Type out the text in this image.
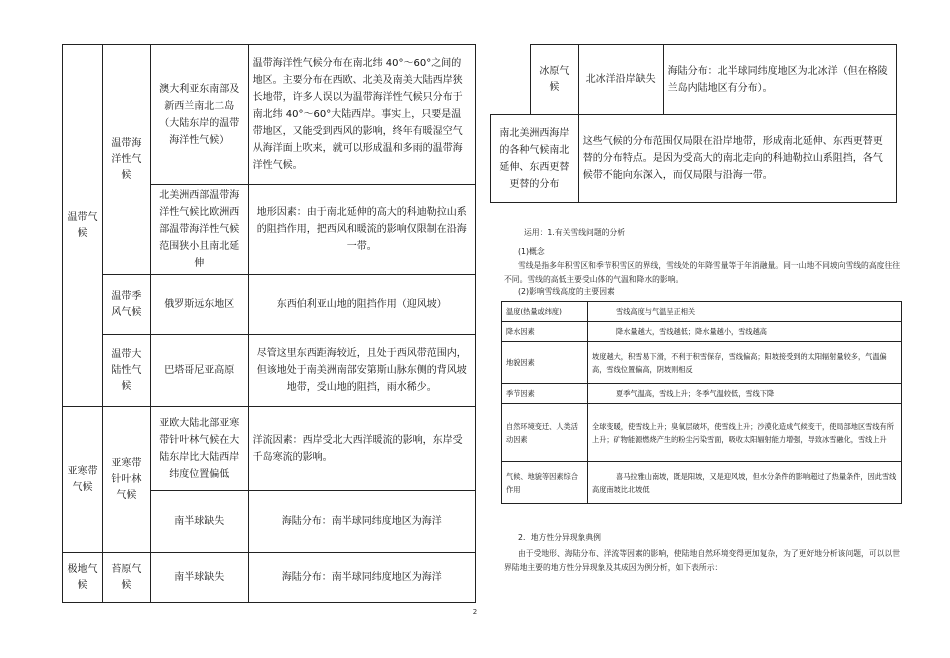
温带气候	温带海洋性气候	澳大利亚东南部及新西兰南北二岛（大陆东岸的温带海洋性气候）	温带海洋性气候分布在南北纬 40°～60°之间的地区。主要分布在西欧、北美及南美大陆西岸狭长地带，许多人误以为温带海洋性气候只分布于南北纬 40°～60°大陆西岸。事实上，只要是温带地区，又能受到西风的影响，终年有暖湿空气从海洋面上吹来，就可以形成温和多雨的温带海洋性气候。
		北美洲西部温带海洋性气候比欧洲西部温带海洋性气候范围狭小且南北延伸	地形因素：由于南北延伸的高大的科迪勒拉山系的阻挡作用，把西风和暖流的影响仅限制在沿海一带。
	温带季风气候	俄罗斯远东地区	东西伯利亚山地的阻挡作用（迎风坡）
	温带大陆性气候	巴塔哥尼亚高原	尽管这里东西距海较近，且处于西风带范围内，但该地处于南美洲南部安第斯山脉东侧的背风坡地带，受山地的阻挡，雨水稀少。
亚寒带气候	亚寒带针叶林气候	亚欧大陆北部亚寒带针叶林气候在大陆东岸比大陆西岸纬度位置偏低	洋流因素：西岸受北大西洋暖流的影响，东岸受千岛寒流的影响。
		南半球缺失	海陆分布：南半球同纬度地区为海洋
极地气候	苔原气候	南半球缺失	海陆分布：南半球同纬度地区为海洋
	冰原气候	北冰洋沿岸缺失	海陆分布：北半球同纬度地区为北冰洋（但在格陵兰岛内陆地区有分布）。
南北美洲西海岸的各种气候南北延伸、东西更替更替的分布		这些气候的分布范围仅局限在沿岸地带，形成南北延伸、东西更替更替的分布特点。是因为受高大的南北走向的科迪勒拉山系阻挡，各气候带不能向东深入，而仅局限与沿海一带。	
运用：1.有关雪线问题的分析
(1)概念
雪线是指多年积雪区和季节积雪区的界线，雪线处的年降雪量等于年消融量。同一山地不同坡向雪线的高度往往不同。雪线的高低主要受山体的气温和降水的影响。
(2)影响雪线高度的主要因素
温度(热量或纬度)	雪线高度与气温呈正相关
降水因素	降水量越大，雪线越低；降水量越小，雪线越高
地貌因素	坡度越大，积雪易下滑，不利于积雪保存，雪线偏高；阳坡接受到的太阳辐射量较多，气温偏高，雪线位置偏高，阴坡则相反
季节因素	夏季气温高，雪线上升；冬季气温较低，雪线下降
自然环境变迁、人类活动因素	全球变暖，使雪线上升；臭氧层破坏，使雪线上升；沙漠化造成气候变干，使局部地区雪线有所上升；矿物能源燃烧产生的粉尘污染雪面，吸收太阳辐射能力增强，导致冰雪融化，雪线上升
气候、地貌等因素综合作用	喜马拉雅山南坡，既是阳坡，又是迎风坡，但水分条件的影响超过了热量条件，因此雪线高度南坡比北坡低
2．地方性分异现象典例
由于受地形、海陆分布、洋流等因素的影响，使陆地自然环境变得更加复杂，为了更好地分析该问题，可以以世界陆地主要的地方性分异现象及其成因为例分析，如下表所示：
2
